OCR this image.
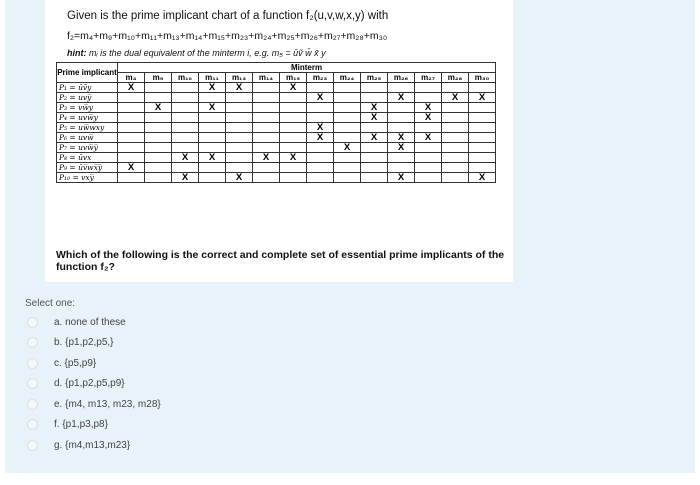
Given is the prime implicant chart of a function f₂(u,v,w,x,y) with
f₂=m₄+m₉+m₁₀+m₁₁+m₁₃+m₁₄+m₁₅+m₂₃+m₂₄+m₂₅+m₂₆+m₂₇+m₂₈+m₃₀
hint: mᵢ is the dual equivalent of the minterm i, e.g. m₅ = ūṽ w̄ x̄ y
Prime implicant	Minterm													
	m₄	m₉	m₁₀	m₁₁	m₁₃	m₁₄	m₁₅	m₂₃	m₂₄	m₂₅	m₂₆	m₂₇	m₂₈	m₃₀
P₁ = ūṽy	X			X	X		X							
P₂ = uvy̅								X			X		X	X
P₃ = vw̅y		X		X						X		X		
P₄ = uvw̅y										X		X		
P₅ = uw̅wxy								X						
P₆ = uvw̅								X		X	X	X		
P₇ = uvw̅y̅									X		X			
P₈ = ūvx			X	X		X	X							
P₉ = ūv̅wx̅y̅	X													
P₁₀ = vxy̅			X		X						X			X
Which of the following is the correct and complete set of essential prime implicants of the function f₂?
Select one:
a. none of these
b. {p1,p2,p5,}
c. {p5,p9}
d. {p1,p2,p5,p9}
e. {m4, m13, m23, m28}
f. {p1,p3,p8}
g. {m4,m13,m23}
